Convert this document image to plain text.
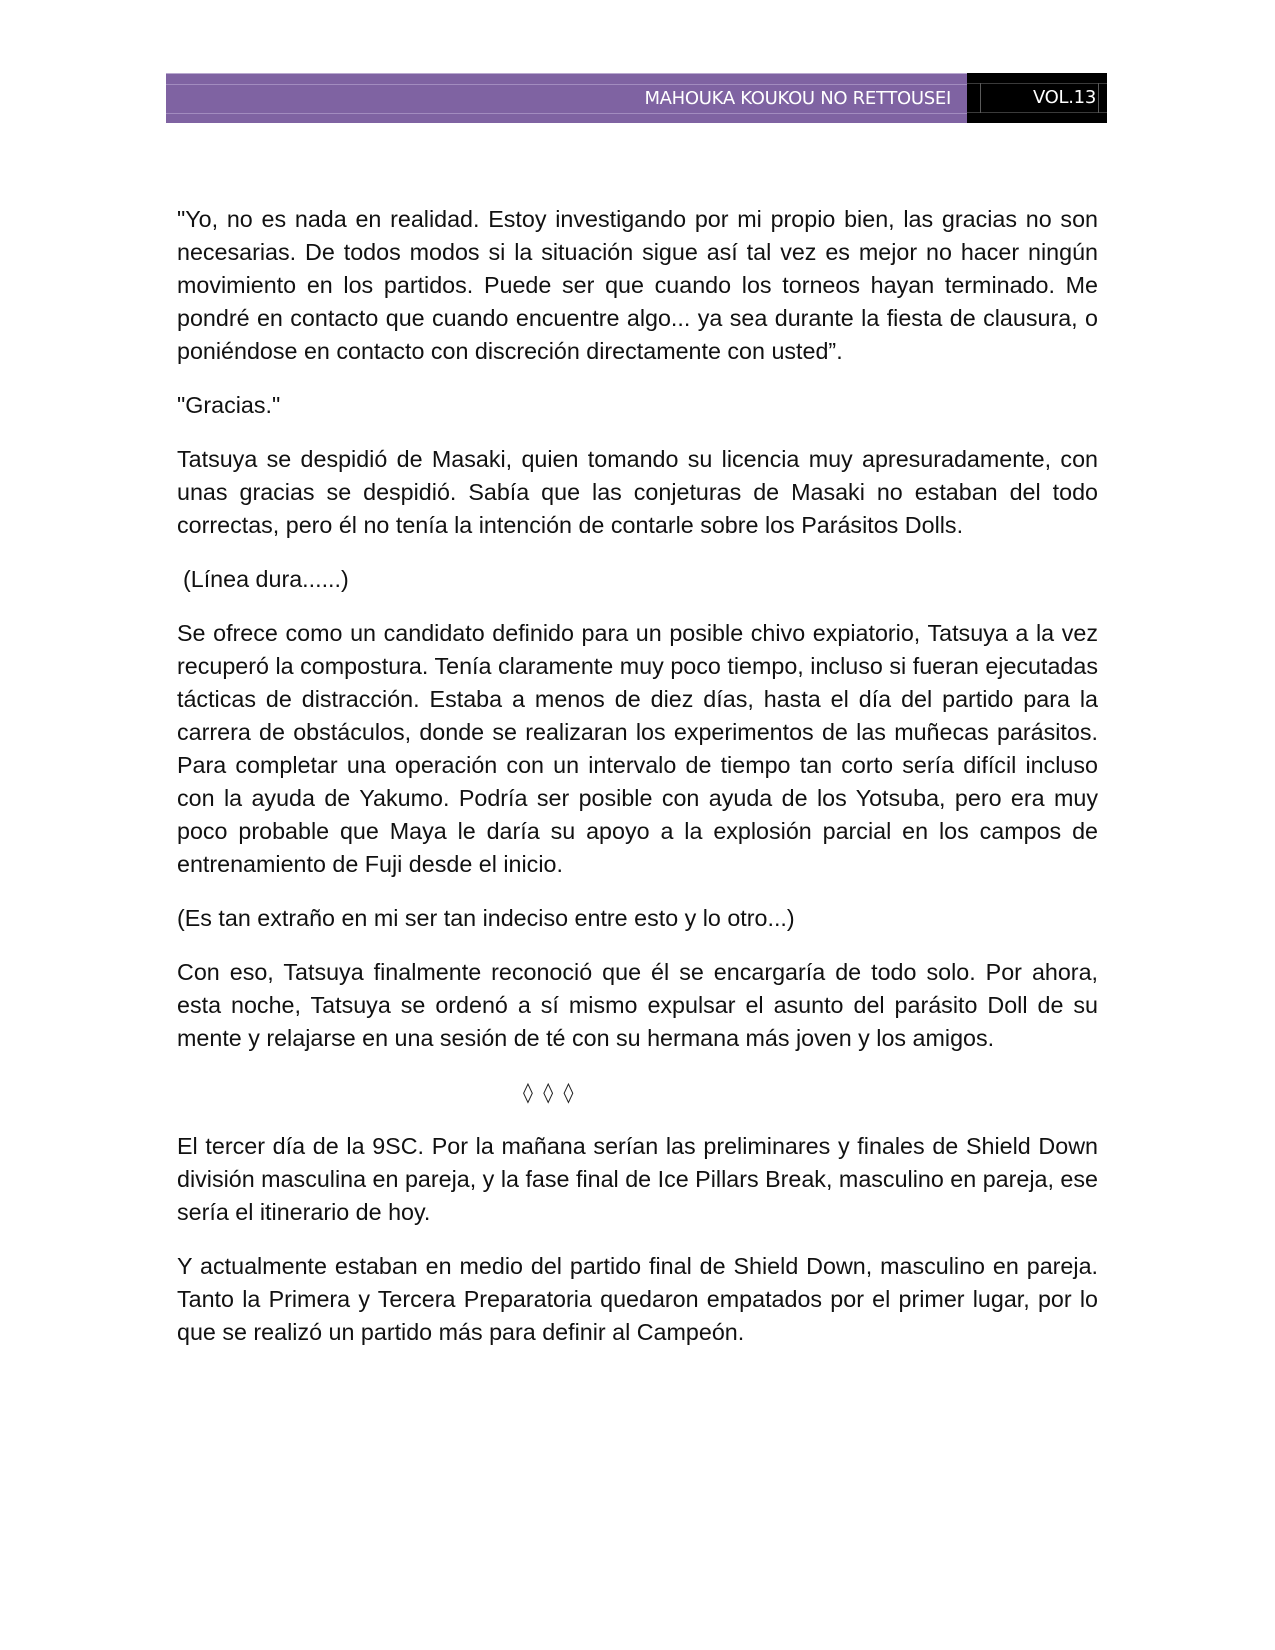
MAHOUKA KOUKOU NO RETTOUSEI	VOL.13

"Yo, no es nada en realidad. Estoy investigando por mi propio bien, las gracias no son necesarias. De todos modos si la situación sigue así tal vez es mejor no hacer ningún movimiento en los partidos. Puede ser que cuando los torneos hayan terminado. Me pondré en contacto que cuando encuentre algo... ya sea durante la fiesta de clausura, o poniéndose en contacto con discreción directamente con usted”.

"Gracias."

Tatsuya se despidió de Masaki, quien tomando su licencia muy apresuradamente, con unas gracias se despidió. Sabía que las conjeturas de Masaki no estaban del todo correctas, pero él no tenía la intención de contarle sobre los Parásitos Dolls.

(Línea dura......)

Se ofrece como un candidato definido para un posible chivo expiatorio, Tatsuya a la vez recuperó la compostura. Tenía claramente muy poco tiempo, incluso si fueran ejecutadas tácticas de distracción. Estaba a menos de diez días, hasta el día del partido para la carrera de obstáculos, donde se realizaran los experimentos de las muñecas parásitos. Para completar una operación con un intervalo de tiempo tan corto sería difícil incluso con la ayuda de Yakumo. Podría ser posible con ayuda de los Yotsuba, pero era muy poco probable que Maya le daría su apoyo a la explosión parcial en los campos de entrenamiento de Fuji desde el inicio.

(Es tan extraño en mi ser tan indeciso entre esto y lo otro...)

Con eso, Tatsuya finalmente reconoció que él se encargaría de todo solo. Por ahora, esta noche, Tatsuya se ordenó a sí mismo expulsar el asunto del parásito Doll de su mente y relajarse en una sesión de té con su hermana más joven y los amigos.

◊ ◊ ◊

El tercer día de la 9SC. Por la mañana serían las preliminares y finales de Shield Down división masculina en pareja, y la fase final de Ice Pillars Break, masculino en pareja, ese sería el itinerario de hoy.

Y actualmente estaban en medio del partido final de Shield Down, masculino en pareja. Tanto la Primera y Tercera Preparatoria quedaron empatados por el primer lugar, por lo que se realizó un partido más para definir al Campeón.
